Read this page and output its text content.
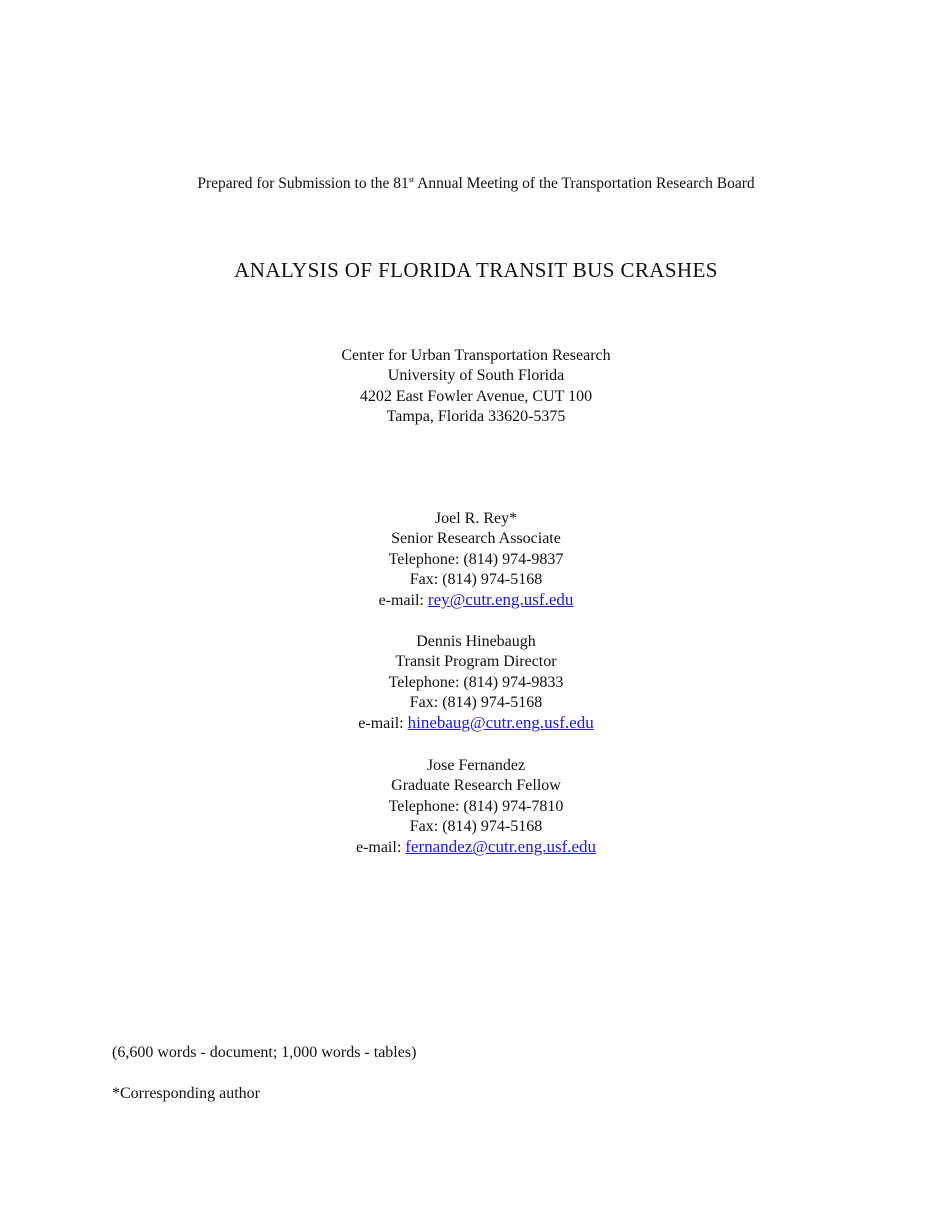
Prepared for Submission to the 81st Annual Meeting of the Transportation Research Board
ANALYSIS OF FLORIDA TRANSIT BUS CRASHES
Center for Urban Transportation Research
University of South Florida
4202 East Fowler Avenue, CUT 100
Tampa, Florida 33620-5375
Joel R. Rey*
Senior Research Associate
Telephone: (814) 974-9837
Fax: (814) 974-5168
e-mail: rey@cutr.eng.usf.edu
Dennis Hinebaugh
Transit Program Director
Telephone: (814) 974-9833
Fax: (814) 974-5168
e-mail: hinebaug@cutr.eng.usf.edu
Jose Fernandez
Graduate Research Fellow
Telephone: (814) 974-7810
Fax: (814) 974-5168
e-mail: fernandez@cutr.eng.usf.edu
(6,600 words - document; 1,000 words - tables)
*Corresponding author
